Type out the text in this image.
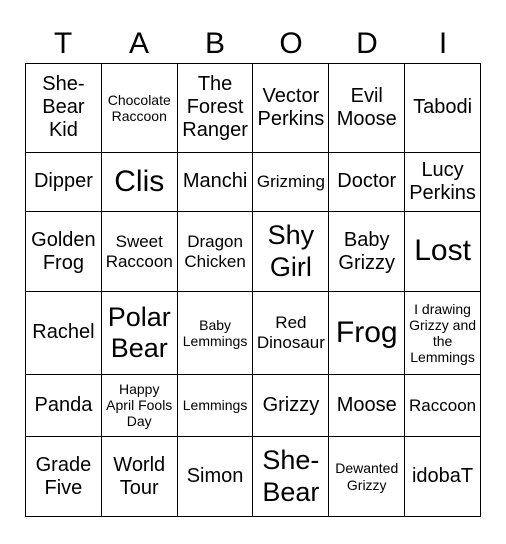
T	A	B	O	D	I
She-Bear Kid	Chocolate Raccoon	The Forest Ranger	Vector Perkins	Evil Moose	Tabodi
Dipper	Clis	Manchi	Grizming	Doctor	Lucy Perkins
Golden Frog	Sweet Raccoon	Dragon Chicken	Shy Girl	Baby Grizzy	Lost
Rachel	Polar Bear	Baby Lemmings	Red Dinosaur	Frog	I drawing Grizzy and the Lemmings
Panda	Happy April Fools Day	Lemmings	Grizzy	Moose	Raccoon
Grade Five	World Tour	Simon	She-Bear	Dewanted Grizzy	idobaT
